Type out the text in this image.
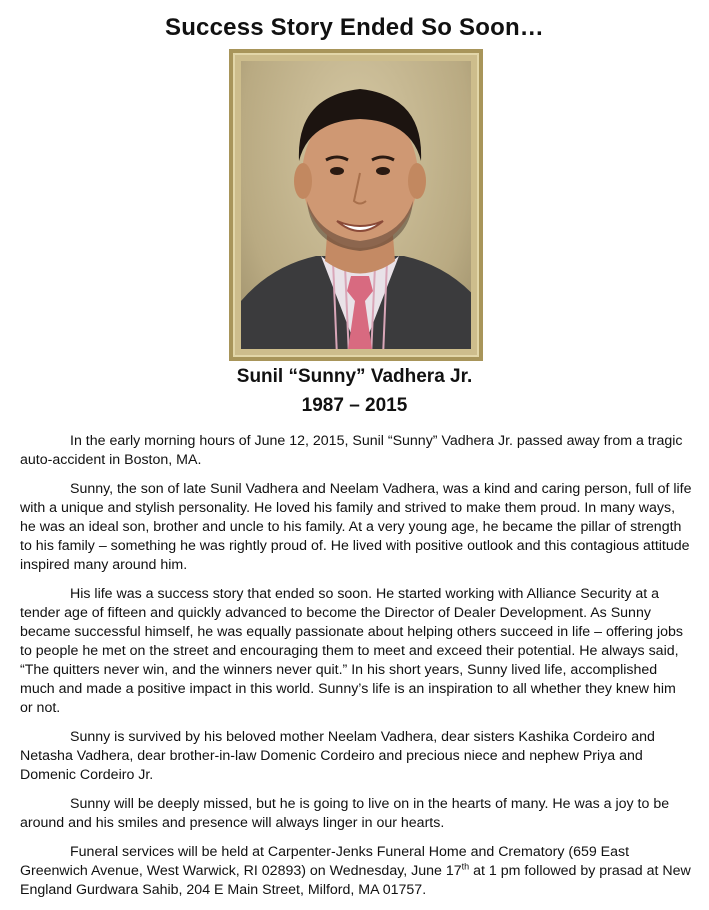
Success Story Ended So Soon…
Sunil “Sunny” Vadhera Jr.
1987 – 2015

In the early morning hours of June 12, 2015, Sunil “Sunny” Vadhera Jr. passed away from a tragic auto-accident in Boston, MA.

Sunny, the son of late Sunil Vadhera and Neelam Vadhera, was a kind and caring person, full of life with a unique and stylish personality. He loved his family and strived to make them proud. In many ways, he was an ideal son, brother and uncle to his family. At a very young age, he became the pillar of strength to his family – something he was rightly proud of. He lived with positive outlook and this contagious attitude inspired many around him.

His life was a success story that ended so soon. He started working with Alliance Security at a tender age of fifteen and quickly advanced to become the Director of Dealer Development. As Sunny became successful himself, he was equally passionate about helping others succeed in life – offering jobs to people he met on the street and encouraging them to meet and exceed their potential. He always said, “The quitters never win, and the winners never quit.” In his short years, Sunny lived life, accomplished much and made a positive impact in this world. Sunny’s life is an inspiration to all whether they knew him or not.

Sunny is survived by his beloved mother Neelam Vadhera, dear sisters Kashika Cordeiro and Netasha Vadhera, dear brother-in-law Domenic Cordeiro and precious niece and nephew Priya and Domenic Cordeiro Jr.

Sunny will be deeply missed, but he is going to live on in the hearts of many. He was a joy to be around and his smiles and presence will always linger in our hearts.

Funeral services will be held at Carpenter-Jenks Funeral Home and Crematory (659 East Greenwich Avenue, West Warwick, RI 02893) on Wednesday, June 17th at 1 pm followed by prasad at New England Gurdwara Sahib, 204 E Main Street, Milford, MA 01757.
